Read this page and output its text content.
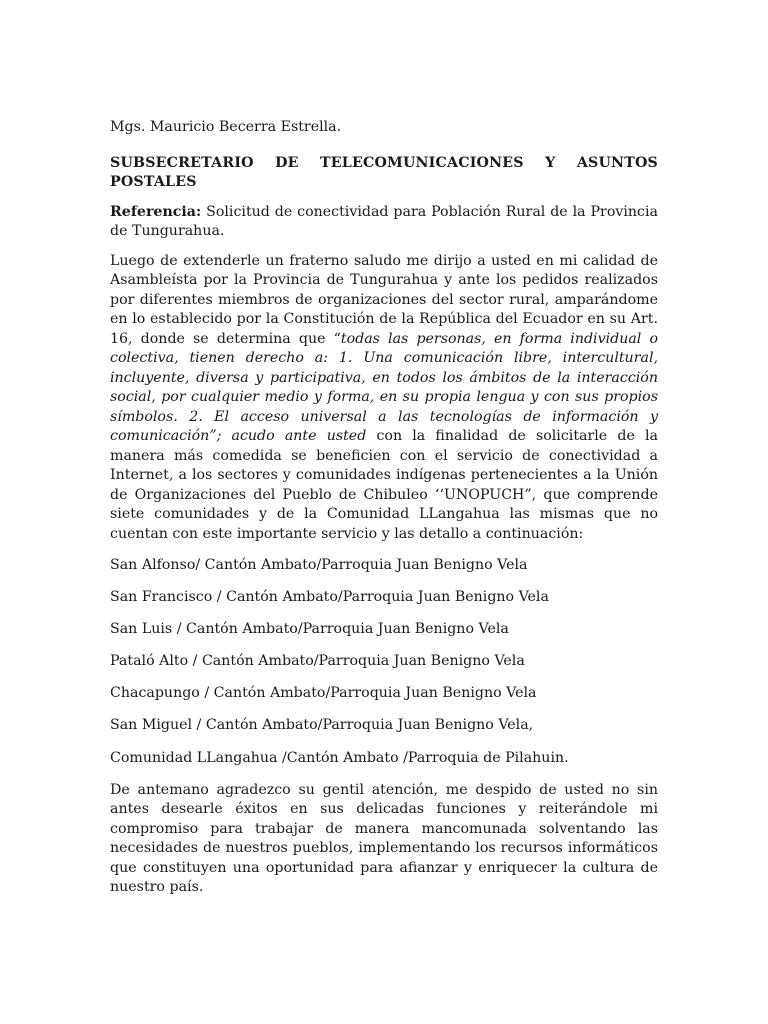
Mgs. Mauricio Becerra Estrella.

SUBSECRETARIO DE TELECOMUNICACIONES Y ASUNTOS
POSTALES

Referencia: Solicitud de conectividad para Población Rural de la Provincia de Tungurahua.

Luego de extenderle un fraterno saludo me dirijo a usted en mi calidad de Asambleísta por la Provincia de Tungurahua y ante los pedidos realizados por diferentes miembros de organizaciones del sector rural, amparándome en lo establecido por la Constitución de la República del Ecuador en su Art. 16, donde se determina que “todas las personas, en forma individual o colectiva, tienen derecho a: 1. Una comunicación libre, intercultural, incluyente, diversa y participativa, en todos los ámbitos de la interacción social, por cualquier medio y forma, en su propia lengua y con sus propios símbolos. 2. El acceso universal a las tecnologías de información y comunicación”; acudo ante usted con la finalidad de solicitarle de la manera más comedida se beneficien con el servicio de conectividad a Internet, a los sectores y comunidades indígenas pertenecientes a la Unión de Organizaciones del Pueblo de Chibuleo ‘‘UNOPUCH”, que comprende siete comunidades y de la Comunidad LLangahua las mismas que no cuentan con este importante servicio y las detallo a continuación:

San Alfonso/ Cantón Ambato/Parroquia Juan Benigno Vela
San Francisco / Cantón Ambato/Parroquia Juan Benigno Vela
San Luis / Cantón Ambato/Parroquia Juan Benigno Vela
Pataló Alto / Cantón Ambato/Parroquia Juan Benigno Vela
Chacapungo / Cantón Ambato/Parroquia Juan Benigno Vela
San Miguel / Cantón Ambato/Parroquia Juan Benigno Vela,
Comunidad LLangahua /Cantón Ambato /Parroquia de Pilahuin.

De antemano agradezco su gentil atención, me despido de usted no sin antes desearle éxitos en sus delicadas funciones y reiterándole mi compromiso para trabajar de manera mancomunada solventando las necesidades de nuestros pueblos, implementando los recursos informáticos que constituyen una oportunidad para afianzar y enriquecer la cultura de nuestro país.
